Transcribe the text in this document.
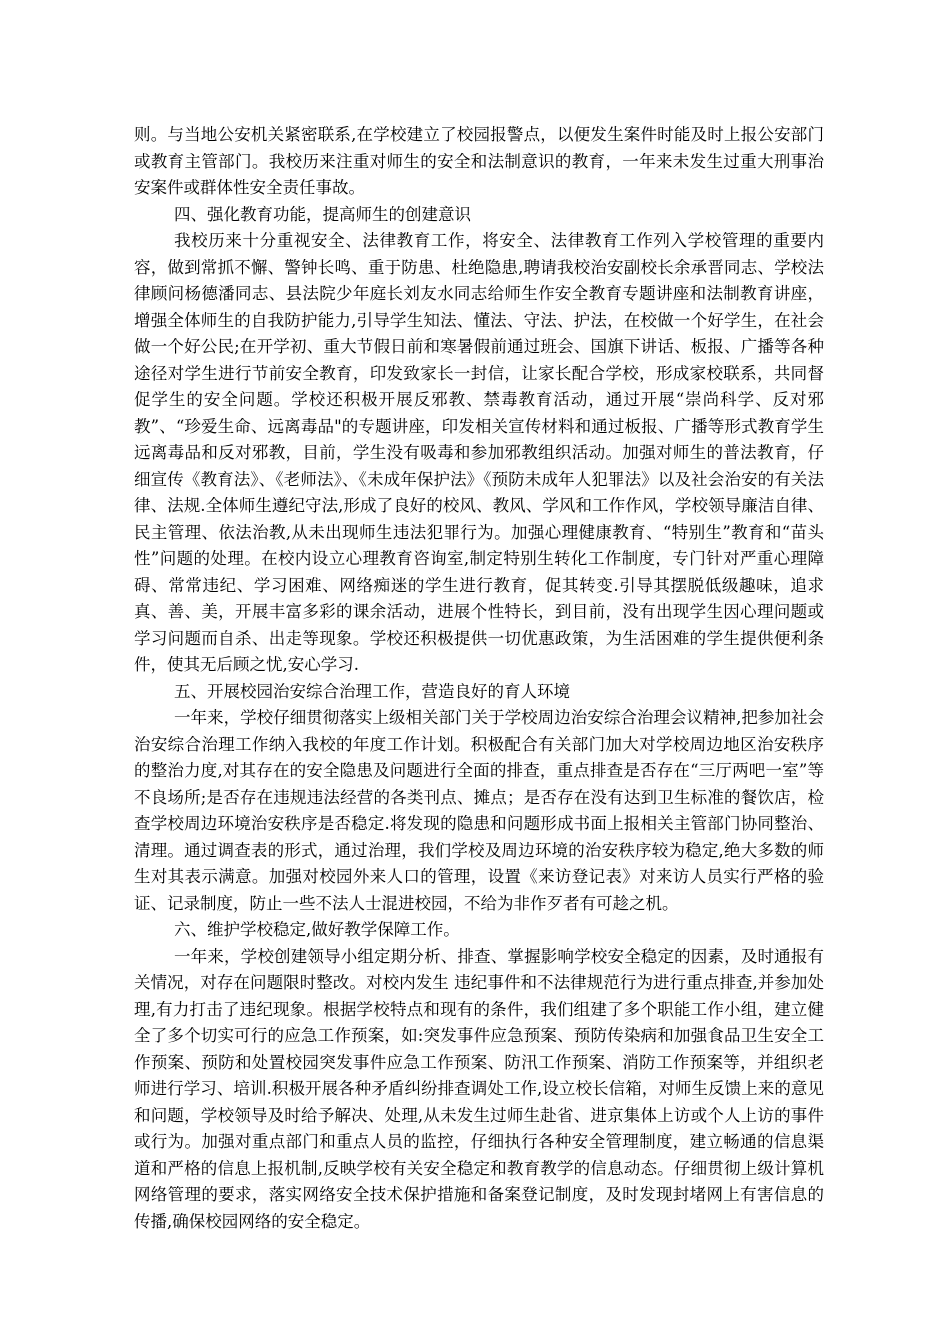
则。与当地公安机关紧密联系,在学校建立了校园报警点，以便发生案件时能及时上报公安部门或教育主管部门。我校历来注重对师生的安全和法制意识的教育，一年来未发生过重大刑事治安案件或群体性安全责任事故。

四、强化教育功能，提高师生的创建意识

我校历来十分重视安全、法律教育工作，将安全、法律教育工作列入学校管理的重要内容，做到常抓不懈、警钟长鸣、重于防患、杜绝隐患,聘请我校治安副校长余承晋同志、学校法律顾问杨德潘同志、县法院少年庭长刘友水同志给师生作安全教育专题讲座和法制教育讲座，增强全体师生的自我防护能力,引导学生知法、懂法、守法、护法，在校做一个好学生，在社会做一个好公民;在开学初、重大节假日前和寒暑假前通过班会、国旗下讲话、板报、广播等各种途径对学生进行节前安全教育，印发致家长一封信，让家长配合学校，形成家校联系，共同督促学生的安全问题。学校还积极开展反邪教、禁毒教育活动，通过开展“崇尚科学、反对邪教”、“珍爱生命、远离毒品"的专题讲座，印发相关宣传材料和通过板报、广播等形式教育学生远离毒品和反对邪教，目前，学生没有吸毒和参加邪教组织活动。加强对师生的普法教育，仔细宣传《教育法》、《老师法》、《未成年保护法》《预防未成年人犯罪法》以及社会治安的有关法律、法规.全体师生遵纪守法,形成了良好的校风、教风、学风和工作作风，学校领导廉洁自律、民主管理、依法治教,从未出现师生违法犯罪行为。加强心理健康教育、“特别生”教育和“苗头性”问题的处理。在校内设立心理教育咨询室,制定特别生转化工作制度，专门针对严重心理障碍、常常违纪、学习困难、网络痴迷的学生进行教育，促其转变.引导其摆脱低级趣味，追求真、善、美，开展丰富多彩的课余活动，进展个性特长，到目前，没有出现学生因心理问题或学习问题而自杀、出走等现象。学校还积极提供一切优惠政策，为生活困难的学生提供便利条件，使其无后顾之忧,安心学习.

五、开展校园治安综合治理工作，营造良好的育人环境

一年来，学校仔细贯彻落实上级相关部门关于学校周边治安综合治理会议精神,把参加社会治安综合治理工作纳入我校的年度工作计划。积极配合有关部门加大对学校周边地区治安秩序的整治力度,对其存在的安全隐患及问题进行全面的排查，重点排查是否存在“三厅两吧一室”等不良场所;是否存在违规违法经营的各类刊点、摊点；是否存在没有达到卫生标准的餐饮店，检查学校周边环境治安秩序是否稳定.将发现的隐患和问题形成书面上报相关主管部门协同整治、清理。通过调查表的形式，通过治理，我们学校及周边环境的治安秩序较为稳定,绝大多数的师生对其表示满意。加强对校园外来人口的管理，设置《来访登记表》对来访人员实行严格的验证、记录制度，防止一些不法人士混进校园，不给为非作歹者有可趁之机。

六、维护学校稳定,做好教学保障工作。

一年来，学校创建领导小组定期分析、排查、掌握影响学校安全稳定的因素，及时通报有关情况，对存在问题限时整改。对校内发生 违纪事件和不法律规范行为进行重点排查,并参加处理,有力打击了违纪现象。根据学校特点和现有的条件，我们组建了多个职能工作小组，建立健全了多个切实可行的应急工作预案，如:突发事件应急预案、预防传染病和加强食品卫生安全工作预案、预防和处置校园突发事件应急工作预案、防汛工作预案、消防工作预案等，并组织老师进行学习、培训.积极开展各种矛盾纠纷排查调处工作,设立校长信箱，对师生反馈上来的意见和问题，学校领导及时给予解决、处理,从未发生过师生赴省、进京集体上访或个人上访的事件或行为。加强对重点部门和重点人员的监控，仔细执行各种安全管理制度，建立畅通的信息渠道和严格的信息上报机制,反映学校有关安全稳定和教育教学的信息动态。仔细贯彻上级计算机网络管理的要求，落实网络安全技术保护措施和备案登记制度，及时发现封堵网上有害信息的传播,确保校园网络的安全稳定。
